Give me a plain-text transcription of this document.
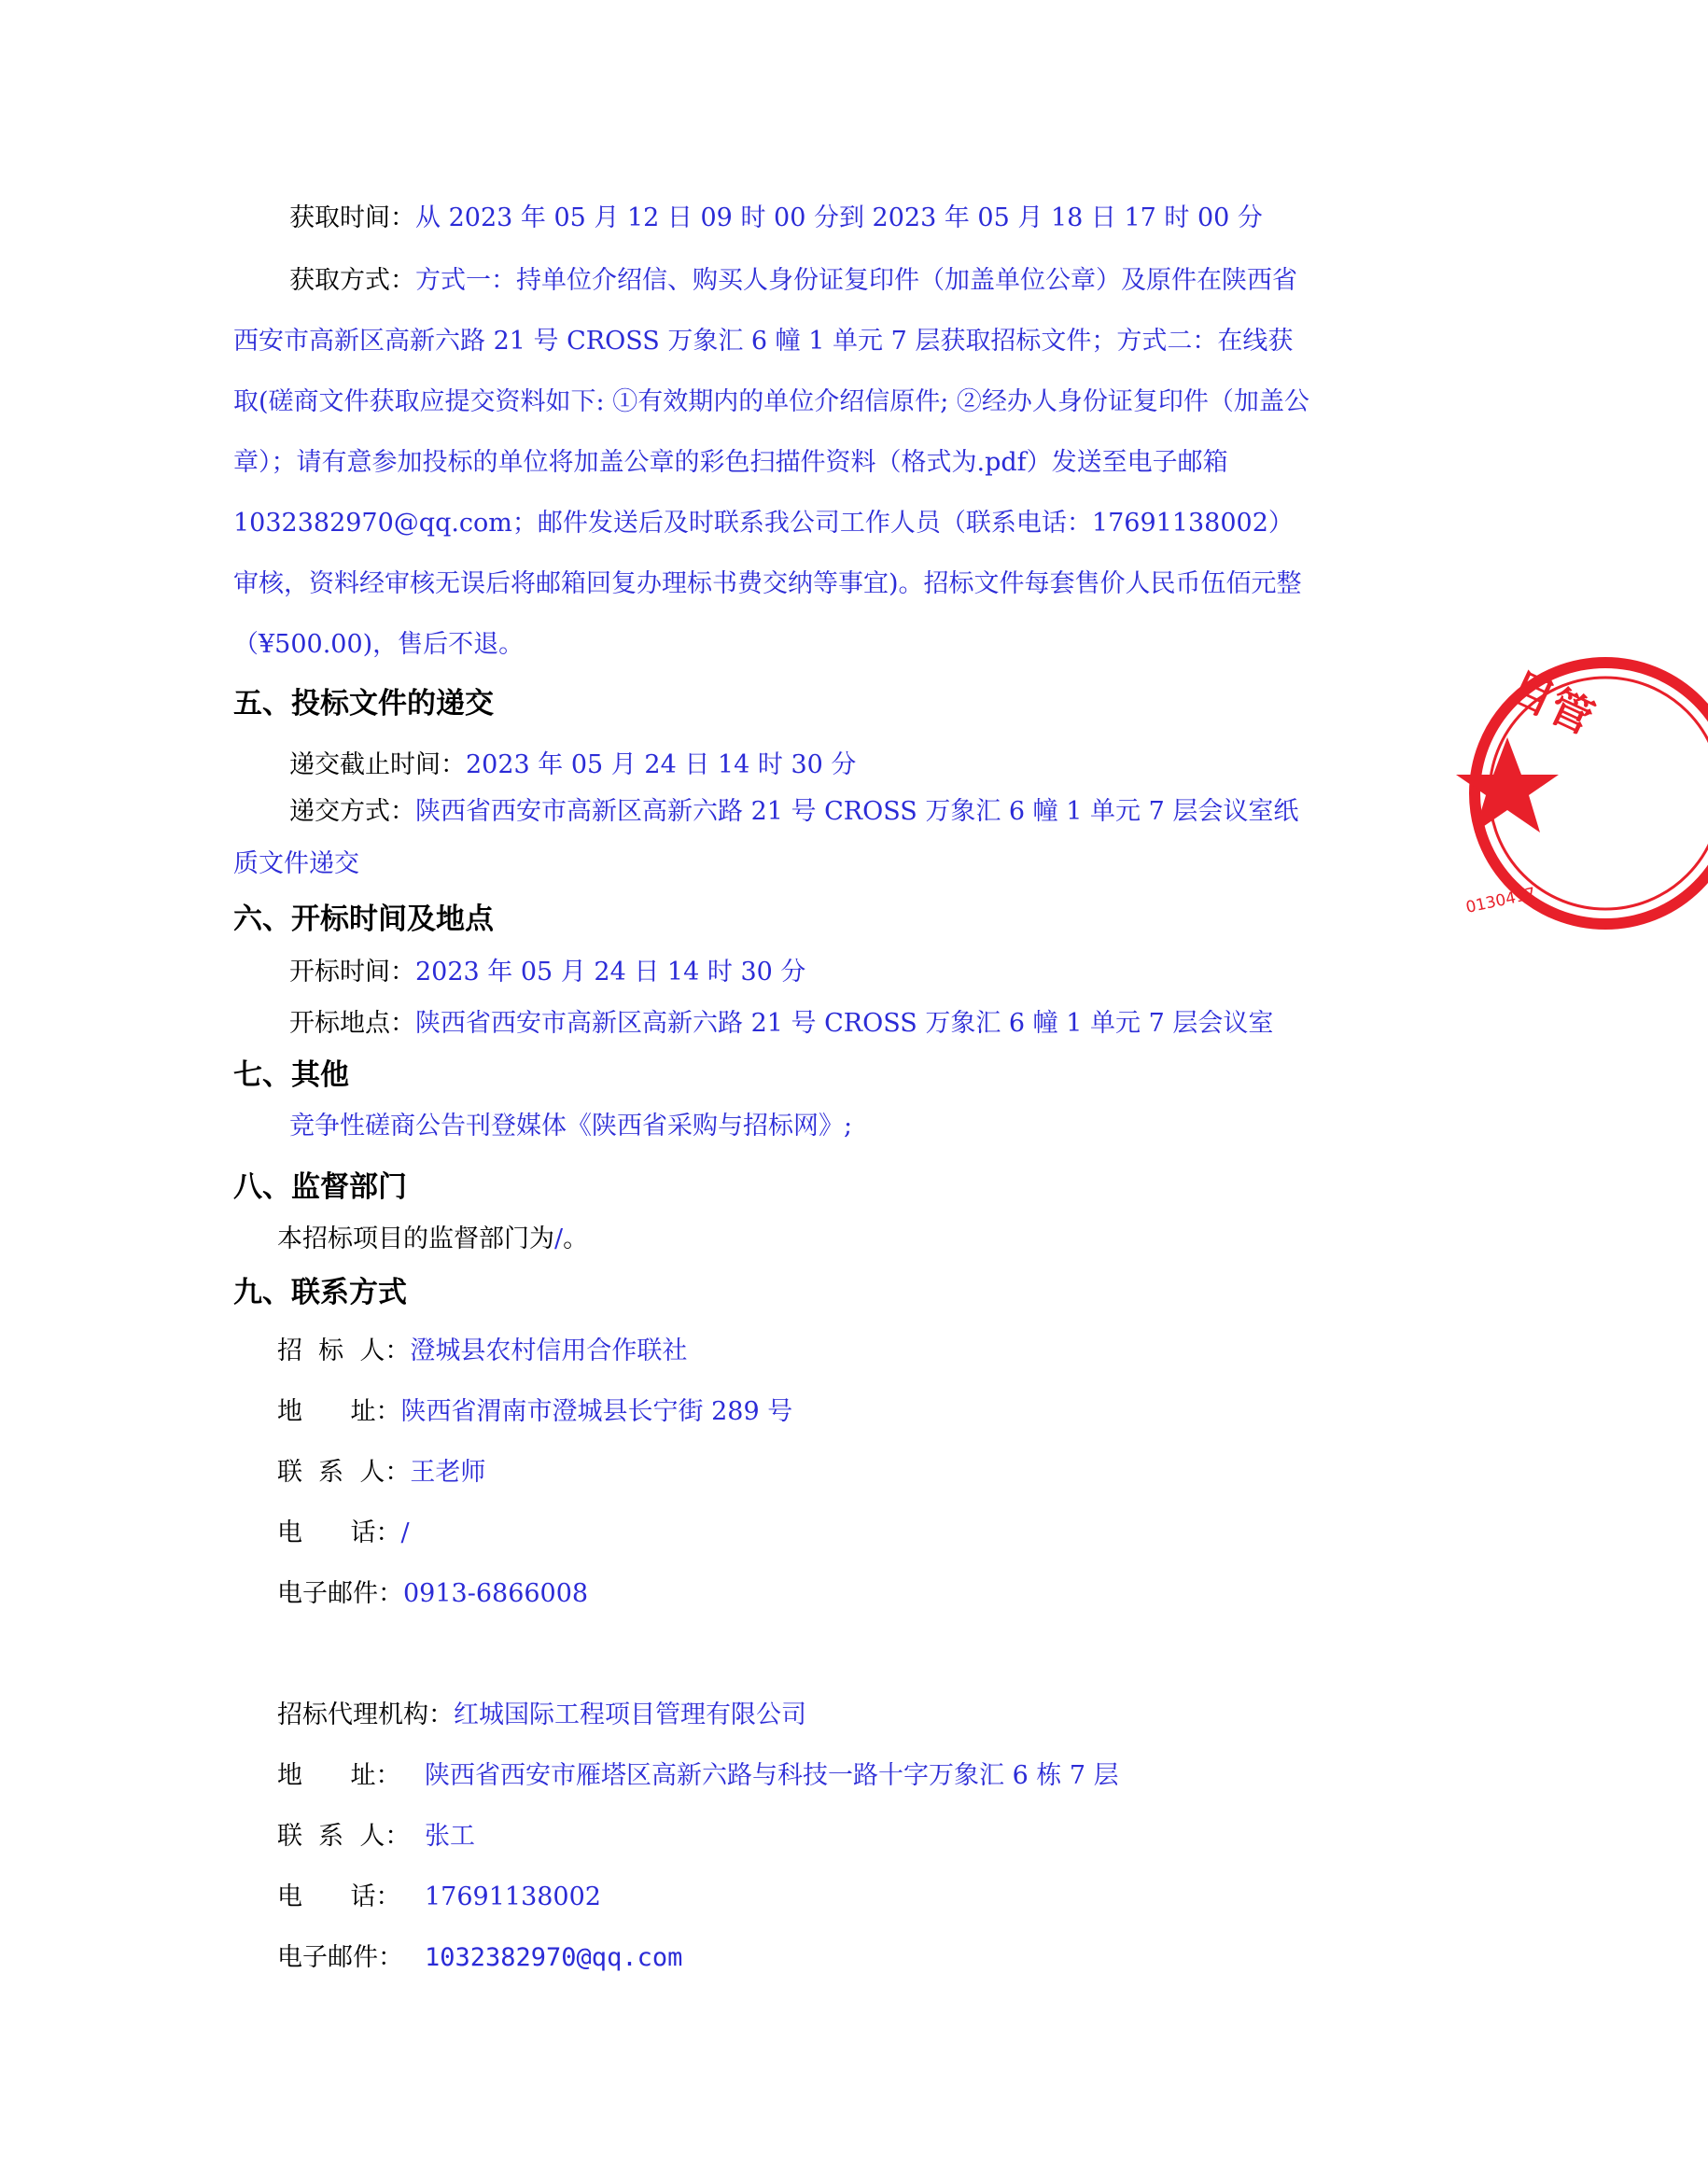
获取时间：从 2023 年 05 月 12 日 09 时 00 分到 2023 年 05 月 18 日 17 时 00 分
获取方式：方式一：持单位介绍信、购买人身份证复印件（加盖单位公章）及原件在陕西省西安市高新区高新六路 21 号 CROSS 万象汇 6 幢 1 单元 7 层获取招标文件；方式二：在线获取(磋商文件获取应提交资料如下: ①有效期内的单位介绍信原件; ②经办人身份证复印件（加盖公章）；请有意参加投标的单位将加盖公章的彩色扫描件资料（格式为.pdf）发送至电子邮箱 1032382970@qq.com；邮件发送后及时联系我公司工作人员（联系电话：17691138002）审核，资料经审核无误后将邮箱回复办理标书费交纳等事宜)。招标文件每套售价人民币伍佰元整（¥500.00)，售后不退。
五、投标文件的递交
递交截止时间：2023 年 05 月 24 日 14 时 30 分
递交方式：陕西省西安市高新区高新六路 21 号 CROSS 万象汇 6 幢 1 单元 7 层会议室纸质文件递交
六、开标时间及地点
开标时间：2023 年 05 月 24 日 14 时 30 分
开标地点：陕西省西安市高新区高新六路 21 号 CROSS 万象汇 6 幢 1 单元 7 层会议室
七、其他
竞争性磋商公告刊登媒体《陕西省采购与招标网》;
八、监督部门
本招标项目的监督部门为/。
九、联系方式
招  标  人：澄城县农村信用合作联社
地      址：陕西省渭南市澄城县长宁街 289 号
联  系  人：王老师
电      话：/
电子邮件：0913-6866008
招标代理机构：红城国际工程项目管理有限公司
地      址： 陕西省西安市雁塔区高新六路与科技一路十字万象汇 6 栋 7 层
联  系  人： 张工
电      话： 17691138002
电子邮件： 1032382970@qq.com
目管
0130417
